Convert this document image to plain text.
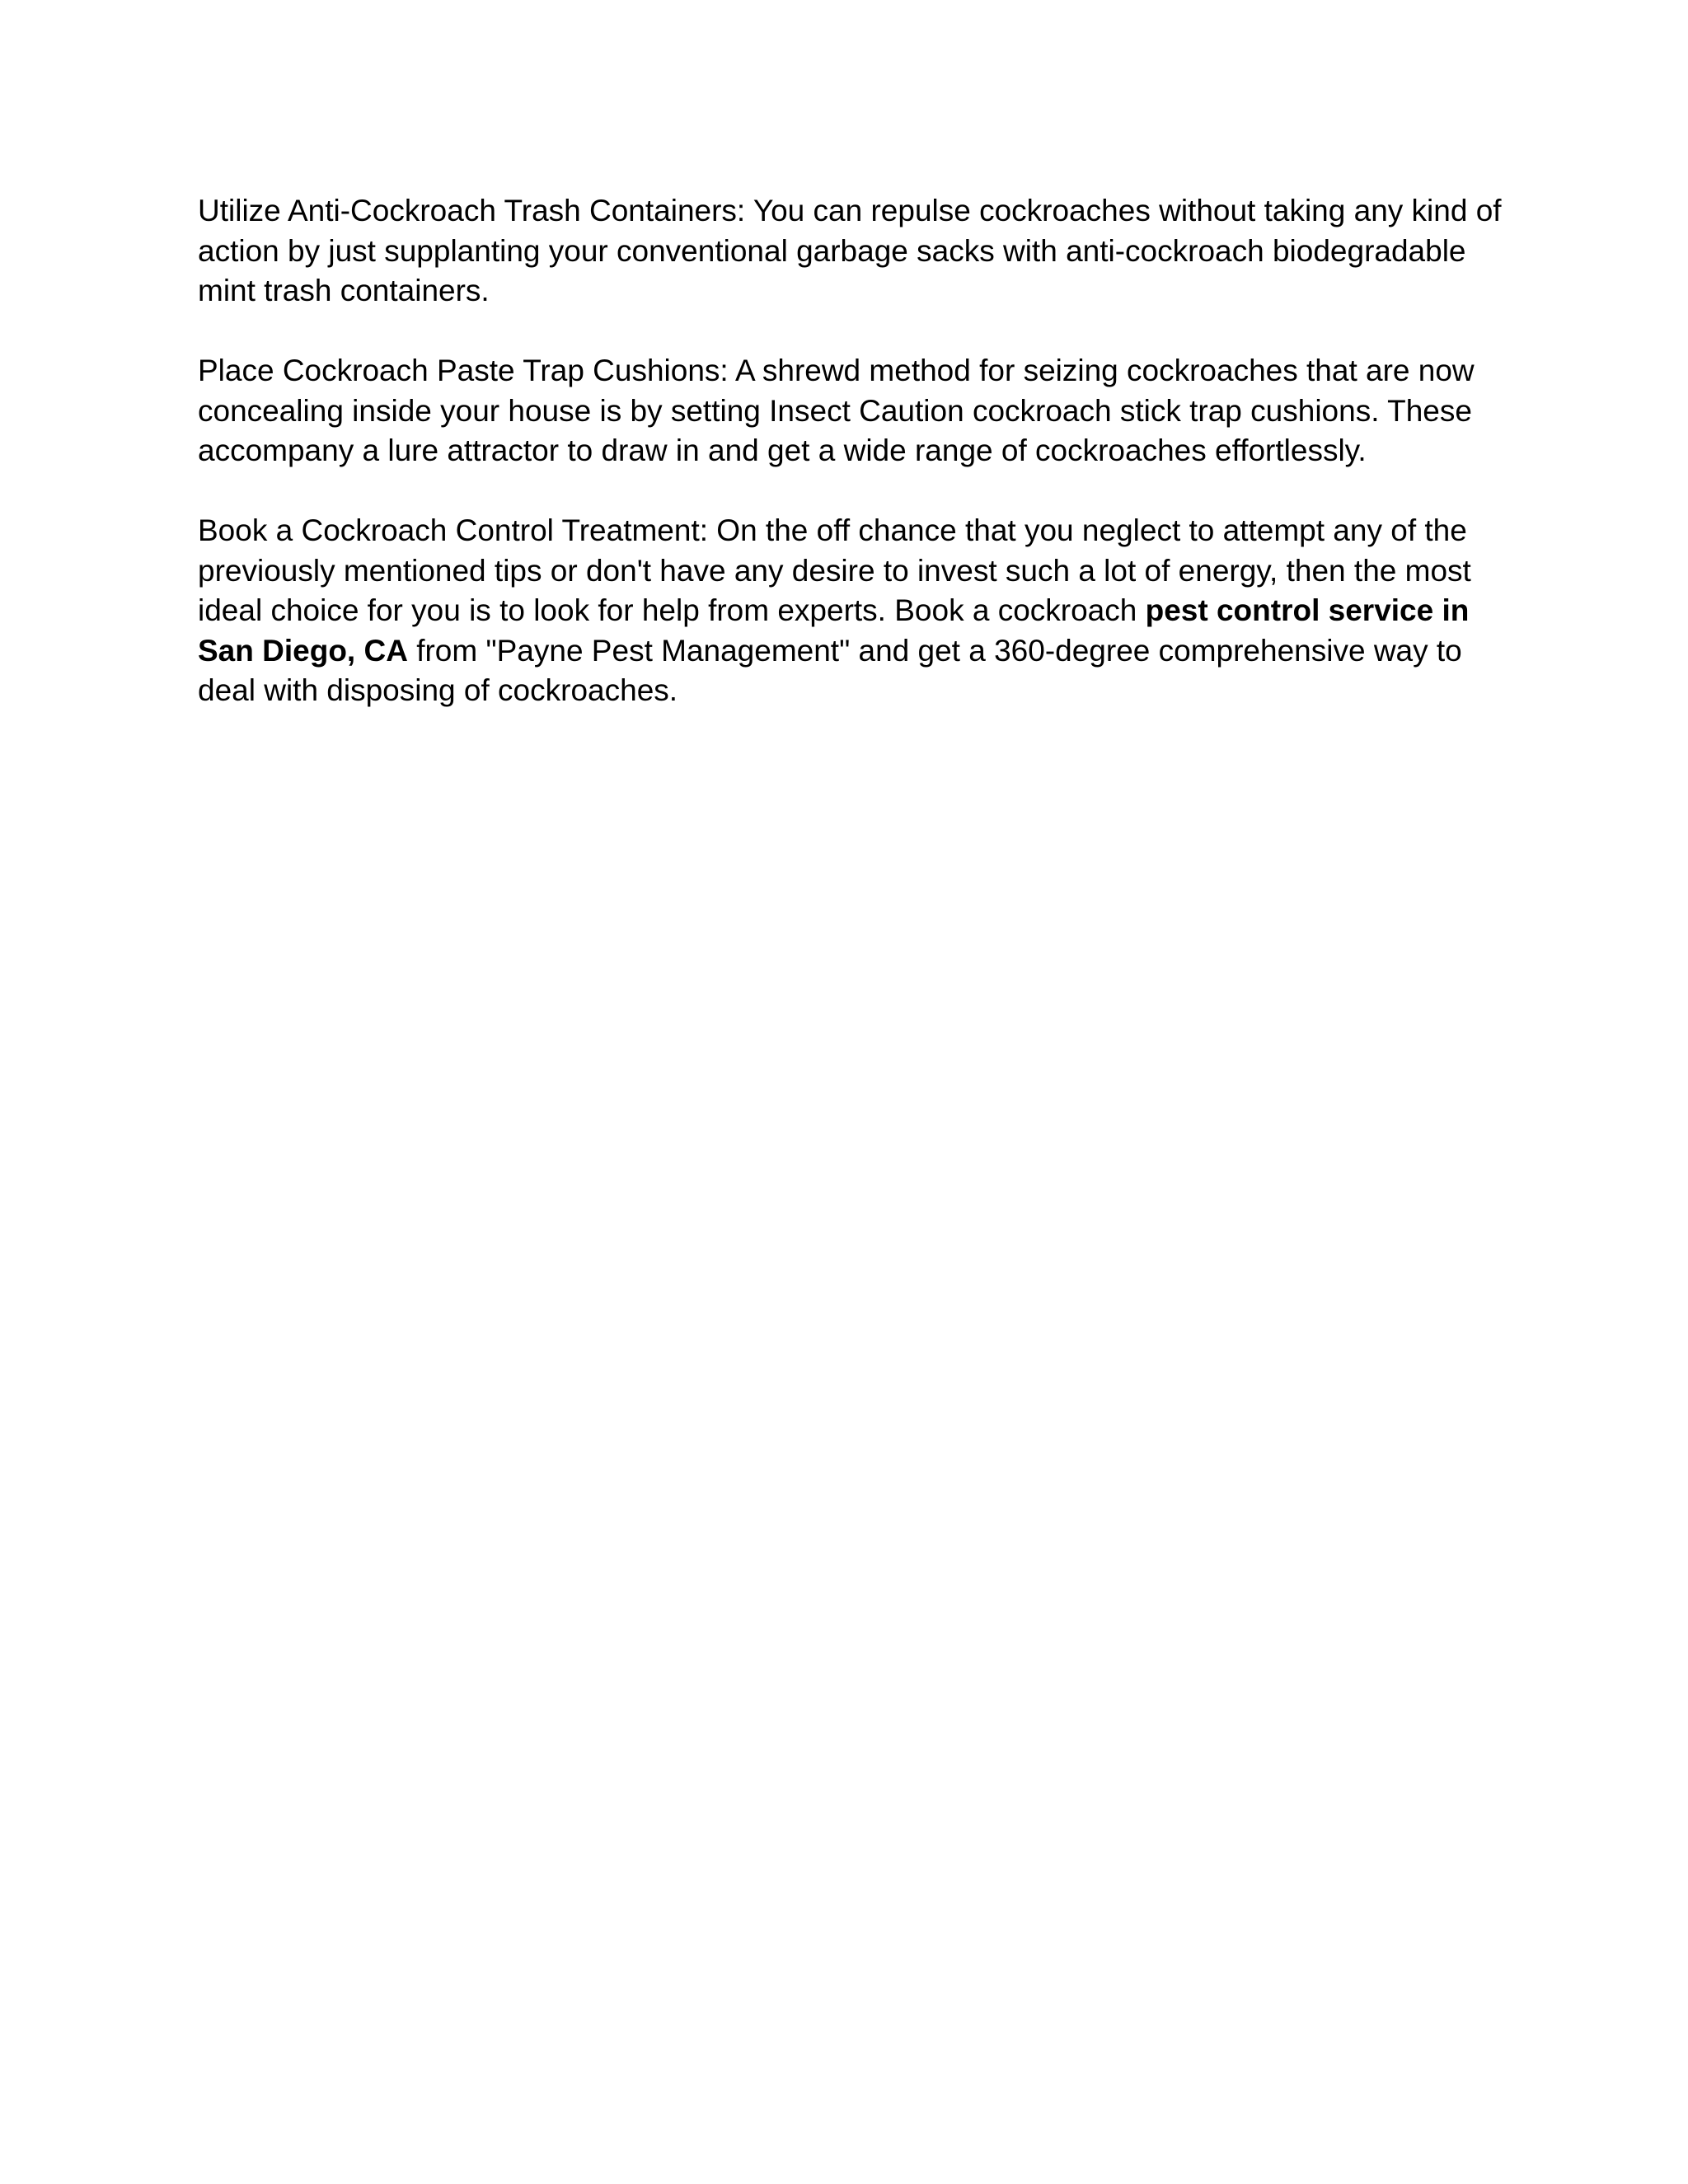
Utilize Anti-Cockroach Trash Containers: You can repulse cockroaches without taking any kind of action by just supplanting your conventional garbage sacks with anti-cockroach biodegradable mint trash containers.

Place Cockroach Paste Trap Cushions: A shrewd method for seizing cockroaches that are now concealing inside your house is by setting Insect Caution cockroach stick trap cushions. These accompany a lure attractor to draw in and get a wide range of cockroaches effortlessly.

Book a Cockroach Control Treatment: On the off chance that you neglect to attempt any of the previously mentioned tips or don't have any desire to invest such a lot of energy, then the most ideal choice for you is to look for help from experts. Book a cockroach pest control service in San Diego, CA from "Payne Pest Management" and get a 360-degree comprehensive way to deal with disposing of cockroaches.
